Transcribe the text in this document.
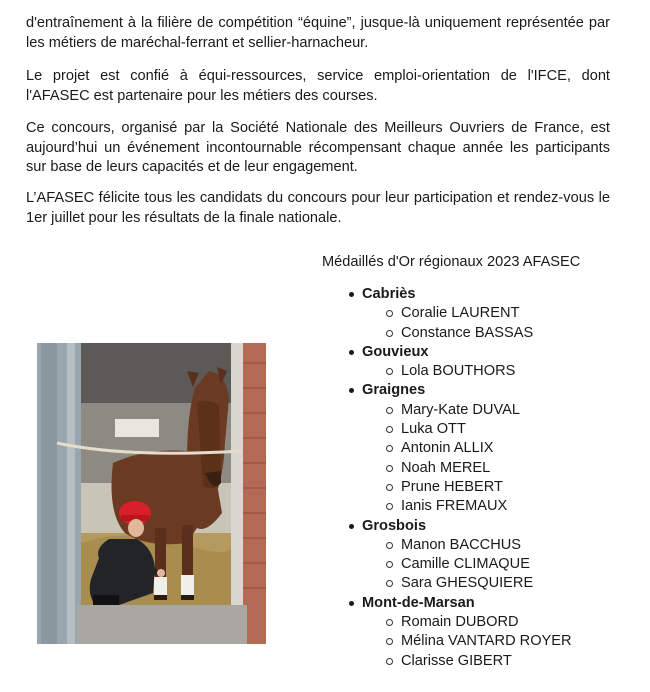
d'entraînement à la filière de compétition “équine”, jusque-là uniquement représentée par les métiers de maréchal-ferrant et sellier-harnacheur.

Le projet est confié à équi-ressources, service emploi-orientation de l'IFCE, dont l'AFASEC est partenaire pour les métiers des courses.

Ce concours, organisé par la Société Nationale des Meilleurs Ouvriers de France, est aujourd’hui un événement incontournable récompensant chaque année les participants sur base de leurs capacités et de leur engagement.

L’AFASEC félicite tous les candidats du concours pour leur participation et rendez-vous le 1er juillet pour les résultats de la finale nationale.

Médaillés d'Or régionaux 2023 AFASEC

Cabriès
Coralie LAURENT
Constance BASSAS
Gouvieux
Lola BOUTHORS
Graignes
Mary-Kate DUVAL
Luka OTT
Antonin ALLIX
Noah MEREL
Prune HEBERT
Ianis FREMAUX
Grosbois
Manon BACCHUS
Camille CLIMAQUE
Sara GHESQUIERE
Mont-de-Marsan
Romain DUBORD
Mélina VANTARD ROYER
Clarisse GIBERT
